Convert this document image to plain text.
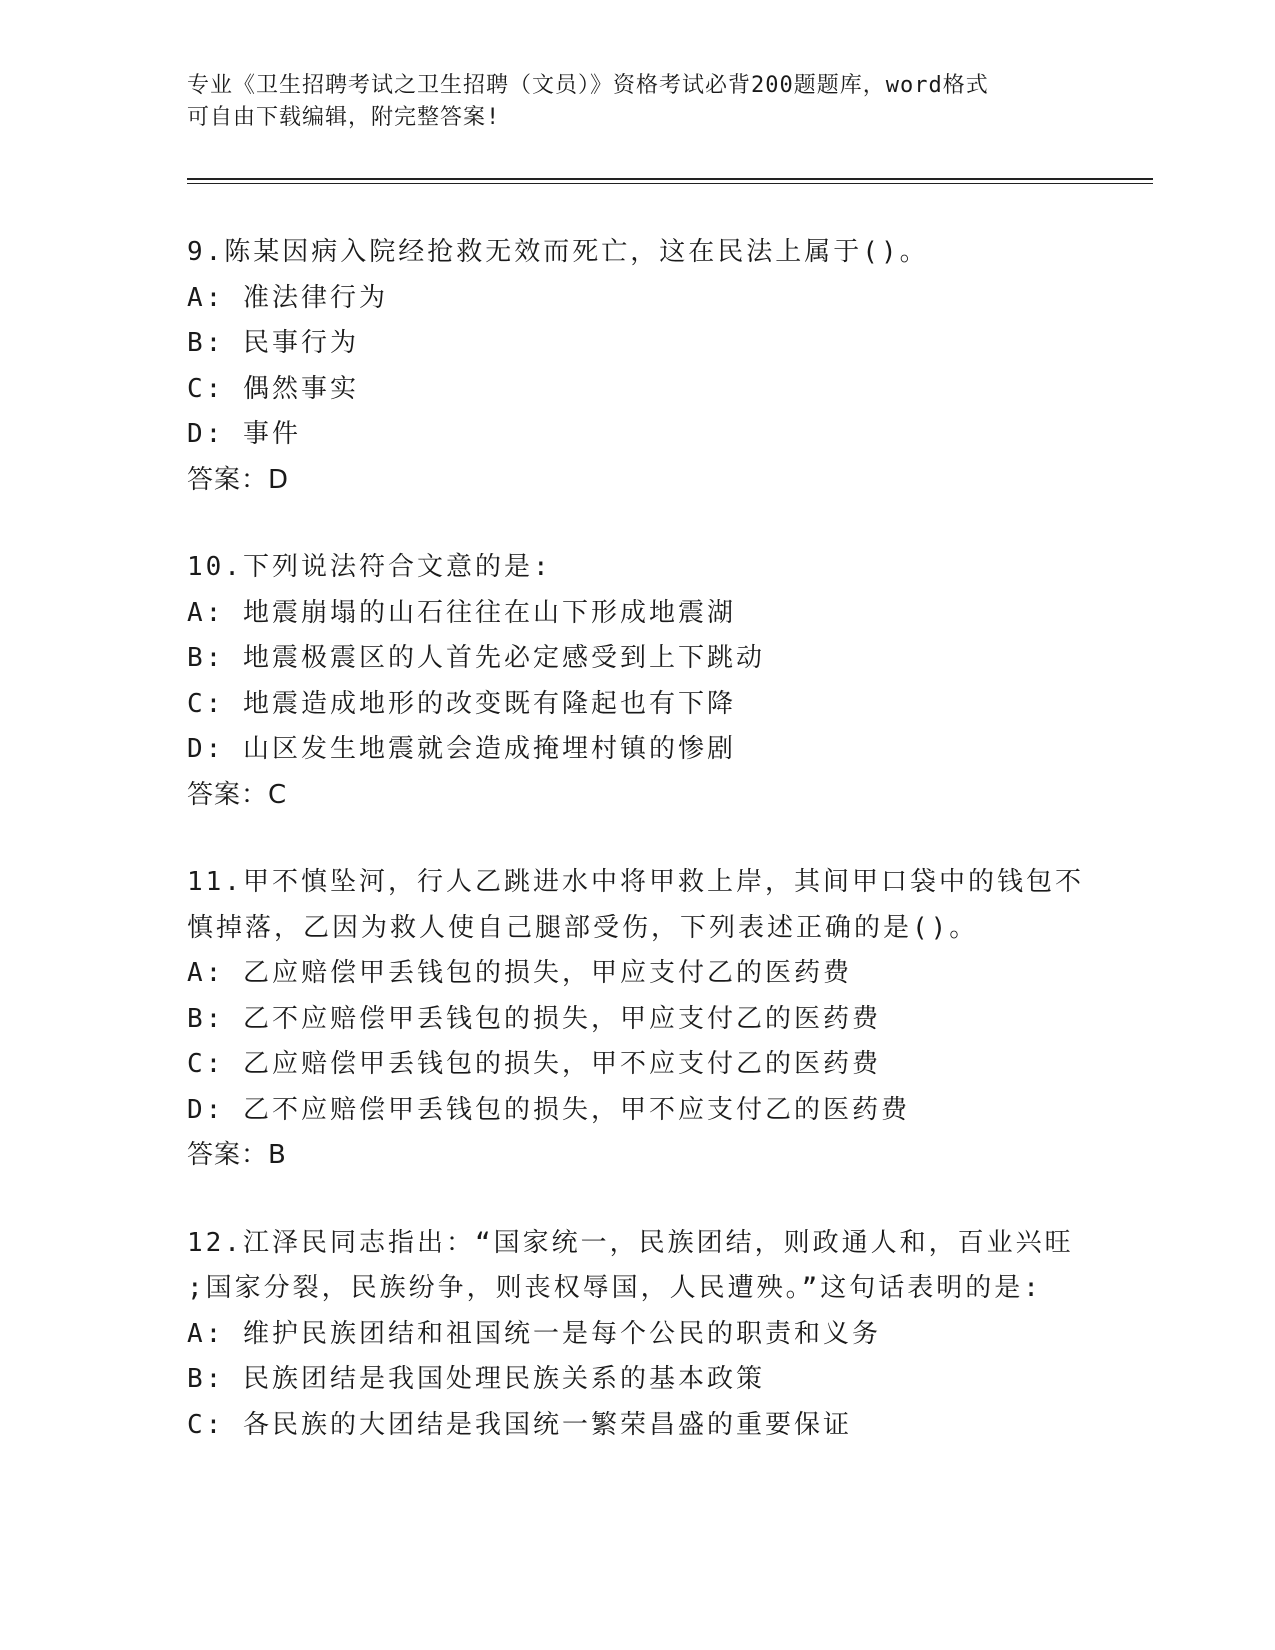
专业《卫生招聘考试之卫生招聘（文员）》资格考试必背200题题库，word格式
可自由下载编辑，附完整答案!
9.陈某因病入院经抢救无效而死亡，这在民法上属于()。
A: 准法律行为
B: 民事行为
C: 偶然事实
D: 事件
答案：D
10.下列说法符合文意的是:
A: 地震崩塌的山石往往在山下形成地震湖
B: 地震极震区的人首先必定感受到上下跳动
C: 地震造成地形的改变既有隆起也有下降
D: 山区发生地震就会造成掩埋村镇的惨剧
答案：C
11.甲不慎坠河，行人乙跳进水中将甲救上岸，其间甲口袋中的钱包不
慎掉落，乙因为救人使自己腿部受伤，下列表述正确的是()。
A: 乙应赔偿甲丢钱包的损失，甲应支付乙的医药费
B: 乙不应赔偿甲丢钱包的损失，甲应支付乙的医药费
C: 乙应赔偿甲丢钱包的损失，甲不应支付乙的医药费
D: 乙不应赔偿甲丢钱包的损失，甲不应支付乙的医药费
答案：B
12.江泽民同志指出：“国家统一，民族团结，则政通人和，百业兴旺
;国家分裂，民族纷争，则丧权辱国，人民遭殃。”这句话表明的是:
A: 维护民族团结和祖国统一是每个公民的职责和义务
B: 民族团结是我国处理民族关系的基本政策
C: 各民族的大团结是我国统一繁荣昌盛的重要保证
